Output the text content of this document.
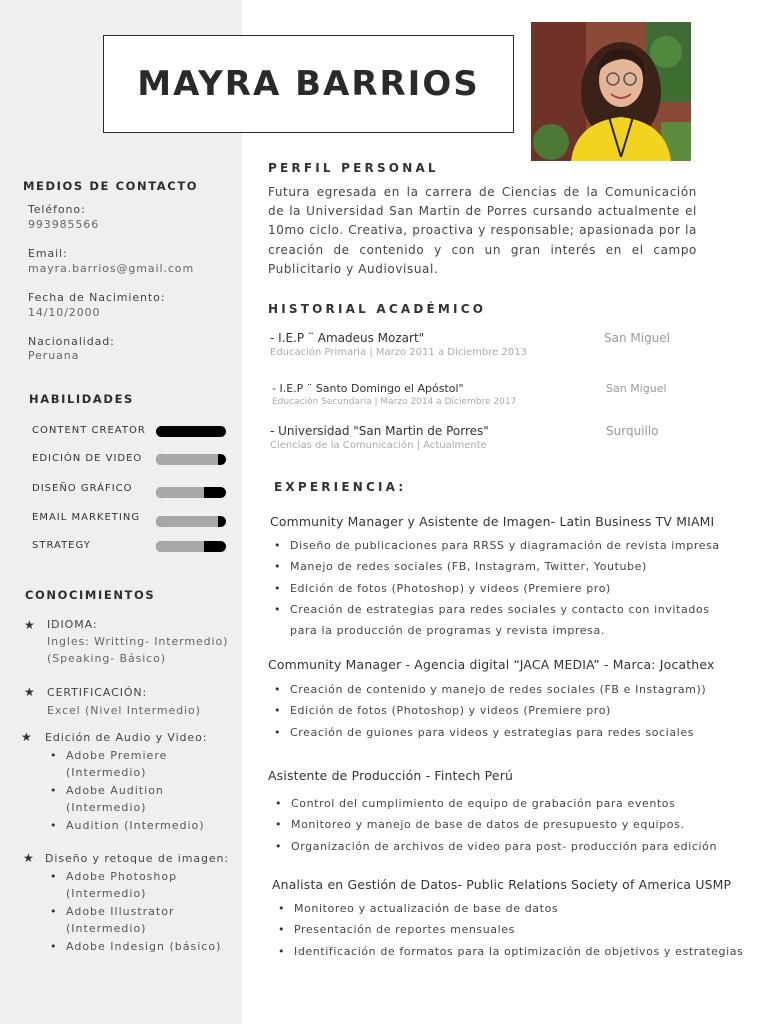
MAYRA BARRIOS
MEDIOS DE CONTACTO
Teléfono:
993985566
Email:
mayra.barrios@gmail.com
Fecha de Nacimiento:
14/10/2000
Nacionalidad:
Peruana
HABILIDADES
CONTENT CREATOR
EDICIÓN DE VIDEO
DISEÑO GRÁFICO
EMAIL MARKETING
STRATEGY
CONOCIMIENTOS
★ IDIOMA:
Ingles: Writting- Intermedio)
(Speaking- Básico)
★ CERTIFICACIÓN:
Excel (Nivel Intermedio)
★ Edición de Audio y Video:
• Adobe Premiere
(Intermedio)
• Adobe Audition
(Intermedio)
• Audition (Intermedio)
★ Diseño y retoque de imagen:
• Adobe Photoshop
(Intermedio)
• Adobe Illustrator
(Intermedio)
• Adobe Indesign (básico)
PERFIL PERSONAL

Futura egresada en la carrera de Ciencias de la Comunicación de la Universidad San Martin de Porres cursando actualmente el 10mo ciclo. Creativa, proactiva y responsable; apasionada por la creación de contenido y con un gran interés en el campo Publicitario y Audiovisual.

HISTORIAL ACADÉMICO
- I.E.P ¨ Amadeus Mozart"	San Miguel
Educación Primaria | Marzo 2011 a Diciembre 2013
- I.E.P ¨ Santo Domingo el Apóstol"	San Miguel
Educación Secundaria | Marzo 2014 a Diciembre 2017
- Universidad "San Martin de Porres"	Surquillo
Ciencias de la Comunicación | Actualmente
EXPERIENCIA:
Community Manager y Asistente de Imagen- Latin Business TV MIAMI
• Diseño de publicaciones para RRSS y diagramación de revista impresa
• Manejo de redes sociales (FB, Instagram, Twitter, Youtube)
• Edición de fotos (Photoshop) y videos (Premiere pro)
• Creación de estrategias para redes sociales y contacto con invitados
para la producción de programas y revista impresa.
Community Manager - Agencia digital “JACA MEDIA” - Marca: Jocathex
• Creación de contenido y manejo de redes sociales (FB e Instagram))
• Edición de fotos (Photoshop) y videos (Premiere pro)
• Creación de guiones para videos y estrategias para redes sociales
Asistente de Producción - Fintech Perú
• Control del cumplimiento de equipo de grabación para eventos
• Monitoreo y manejo de base de datos de presupuesto y equipos.
• Organización de archivos de video para post- producción para edición
Analista en Gestión de Datos- Public Relations Society of America USMP
• Monitoreo y actualización de base de datos
• Presentación de reportes mensuales
• Identificación de formatos para la optimización de objetivos y estrategias
